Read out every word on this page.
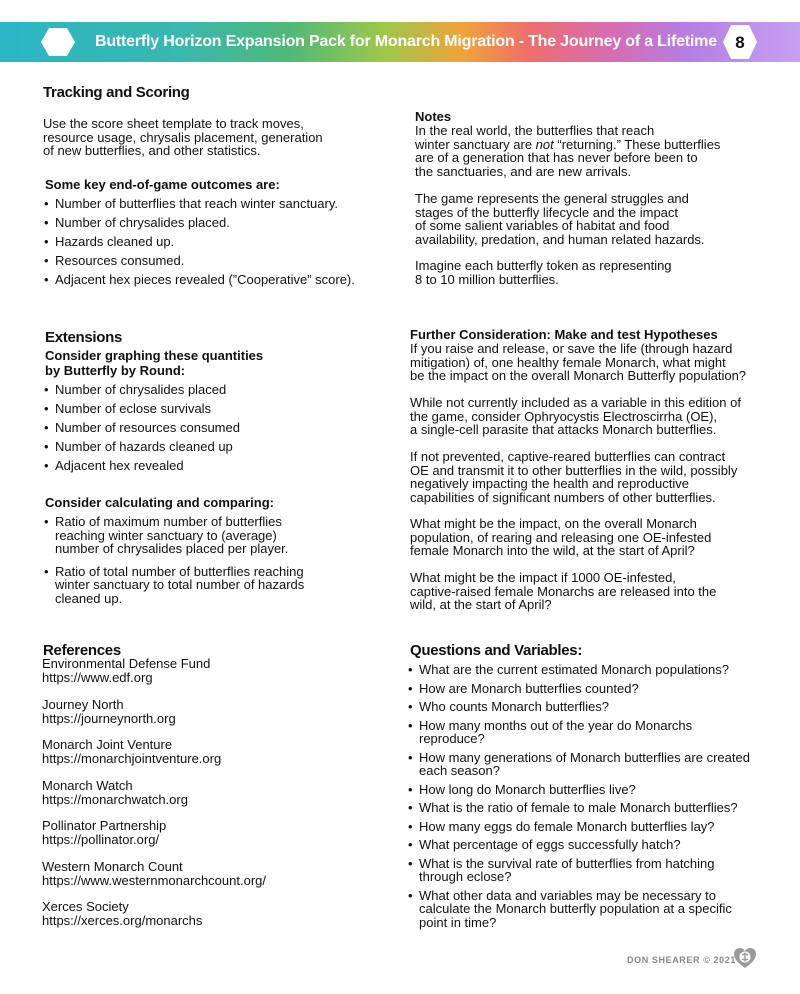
Butterfly Horizon Expansion Pack for Monarch Migration - The Journey of a Lifetime	8
Tracking and Scoring
Use the score sheet template to track moves,
resource usage, chrysalis placement, generation
of new butterflies, and other statistics.
Some key end-of-game outcomes are:
• Number of butterflies that reach winter sanctuary.
• Number of chrysalides placed.
• Hazards cleaned up.
• Resources consumed.
• Adjacent hex pieces revealed (”Cooperative” score).
Notes
In the real world, the butterflies that reach
winter sanctuary are not “returning.” These butterflies
are of a generation that has never before been to
the sanctuaries, and are new arrivals.
The game represents the general struggles and
stages of the butterfly lifecycle and the impact
of some salient variables of habitat and food
availability, predation, and human related hazards.
Imagine each butterfly token as representing
8 to 10 million butterflies.
Extensions
Consider graphing these quantities
by Butterfly by Round:
• Number of chrysalides placed
• Number of eclose survivals
• Number of resources consumed
• Number of hazards cleaned up
• Adjacent hex revealed
Consider calculating and comparing:
• Ratio of maximum number of butterflies
reaching winter sanctuary to (average)
number of chrysalides placed per player.
• Ratio of total number of butterflies reaching
winter sanctuary to total number of hazards
cleaned up.
Further Consideration: Make and test Hypotheses
If you raise and release, or save the life (through hazard
mitigation) of, one healthy female Monarch, what might
be the impact on the overall Monarch Butterfly population?
While not currently included as a variable in this edition of
the game, consider Ophryocystis Electroscirrha (OE),
a single-cell parasite that attacks Monarch butterflies.
If not prevented, captive-reared butterflies can contract
OE and transmit it to other butterflies in the wild, possibly
negatively impacting the health and reproductive
capabilities of significant numbers of other butterflies.
What might be the impact, on the overall Monarch
population, of rearing and releasing one OE-infested
female Monarch into the wild, at the start of April?
What might be the impact if 1000 OE-infested,
captive-raised female Monarchs are released into the
wild, at the start of April?
References
Environmental Defense Fund
https://www.edf.org
Journey North
https://journeynorth.org
Monarch Joint Venture
https://monarchjointventure.org
Monarch Watch
https://monarchwatch.org
Pollinator Partnership
https://pollinator.org/
Western Monarch Count
https://www.westernmonarchcount.org/
Xerces Society
https://xerces.org/monarchs
Questions and Variables:
• What are the current estimated Monarch populations?
• How are Monarch butterflies counted?
• Who counts Monarch butterflies?
• How many months out of the year do Monarchs
reproduce?
• How many generations of Monarch butterflies are created
each season?
• How long do Monarch butterflies live?
• What is the ratio of female to male Monarch butterflies?
• How many eggs do female Monarch butterflies lay?
• What percentage of eggs successfully hatch?
• What is the survival rate of butterflies from hatching
through eclose?
• What other data and variables may be necessary to
calculate the Monarch butterfly population at a specific
point in time?
DON SHEARER © 2021
